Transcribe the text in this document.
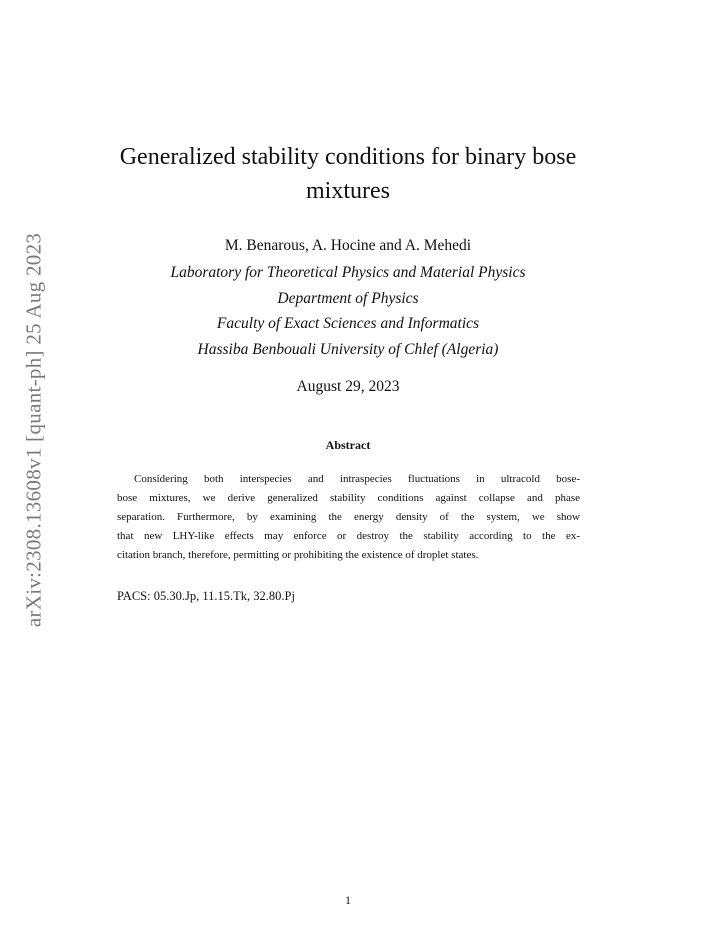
arXiv:2308.13608v1 [quant-ph] 25 Aug 2023
Generalized stability conditions for binary bose
mixtures
M. Benarous, A. Hocine and A. Mehedi
Laboratory for Theoretical Physics and Material Physics
Department of Physics
Faculty of Exact Sciences and Informatics
Hassiba Benbouali University of Chlef (Algeria)
August 29, 2023
Abstract
Considering both interspecies and intraspecies fluctuations in ultracold bose-
bose mixtures, we derive generalized stability conditions against collapse and phase
separation. Furthermore, by examining the energy density of the system, we show
that new LHY-like effects may enforce or destroy the stability according to the ex-
citation branch, therefore, permitting or prohibiting the existence of droplet states.
PACS: 05.30.Jp, 11.15.Tk, 32.80.Pj
1
